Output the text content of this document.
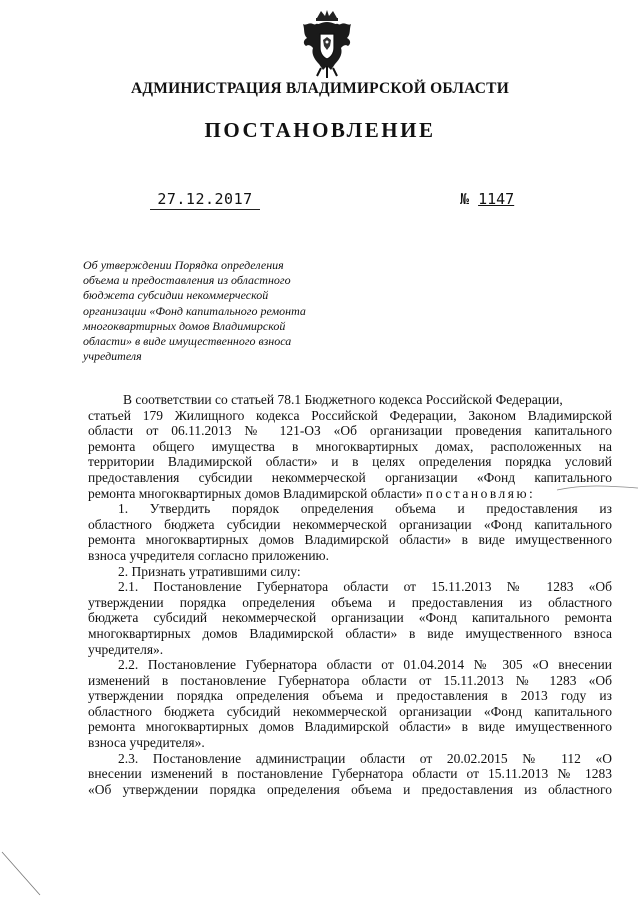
АДМИНИСТРАЦИЯ ВЛАДИМИРСКОЙ ОБЛАСТИ
ПОСТАНОВЛЕНИЕ
27.12.2017	№ 1147
Об утверждении Порядка определения
объема и предоставления из областного
бюджета субсидии некоммерческой
организации «Фонд капитального ремонта
многоквартирных домов Владимирской
области» в виде имущественного взноса
учредителя

В соответствии со статьей 78.1 Бюджетного кодекса Российской Федерации,

статьей 179 Жилищного кодекса Российской Федерации, Законом Владимирской

области от 06.11.2013 № 121-ОЗ «Об организации проведения капитального

ремонта общего имущества в многоквартирных домах, расположенных на

территории Владимирской области» и в целях определения порядка условий

предоставления субсидии некоммерческой организации «Фонд капитального

ремонта многоквартирных домов Владимирской области» постановляю:

1. Утвердить порядок определения объема и предоставления из

областного бюджета субсидии некоммерческой организации «Фонд капитального

ремонта многоквартирных домов Владимирской области» в виде имущественного

взноса учредителя согласно приложению.

2. Признать утратившими силу:

2.1. Постановление Губернатора области от 15.11.2013 № 1283 «Об

утверждении порядка определения объема и предоставления из областного

бюджета субсидий некоммерческой организации «Фонд капитального ремонта

многоквартирных домов Владимирской области» в виде имущественного взноса

учредителя».

2.2. Постановление Губернатора области от 01.04.2014 № 305 «О внесении

изменений в постановление Губернатора области от 15.11.2013 № 1283 «Об

утверждении порядка определения объема и предоставления в 2013 году из

областного бюджета субсидий некоммерческой организации «Фонд капитального

ремонта многоквартирных домов Владимирской области» в виде имущественного

взноса учредителя».

2.3. Постановление администрации области от 20.02.2015 № 112 «О

внесении изменений в постановление Губернатора области от 15.11.2013 № 1283

«Об утверждении порядка определения объема и предоставления из областного
